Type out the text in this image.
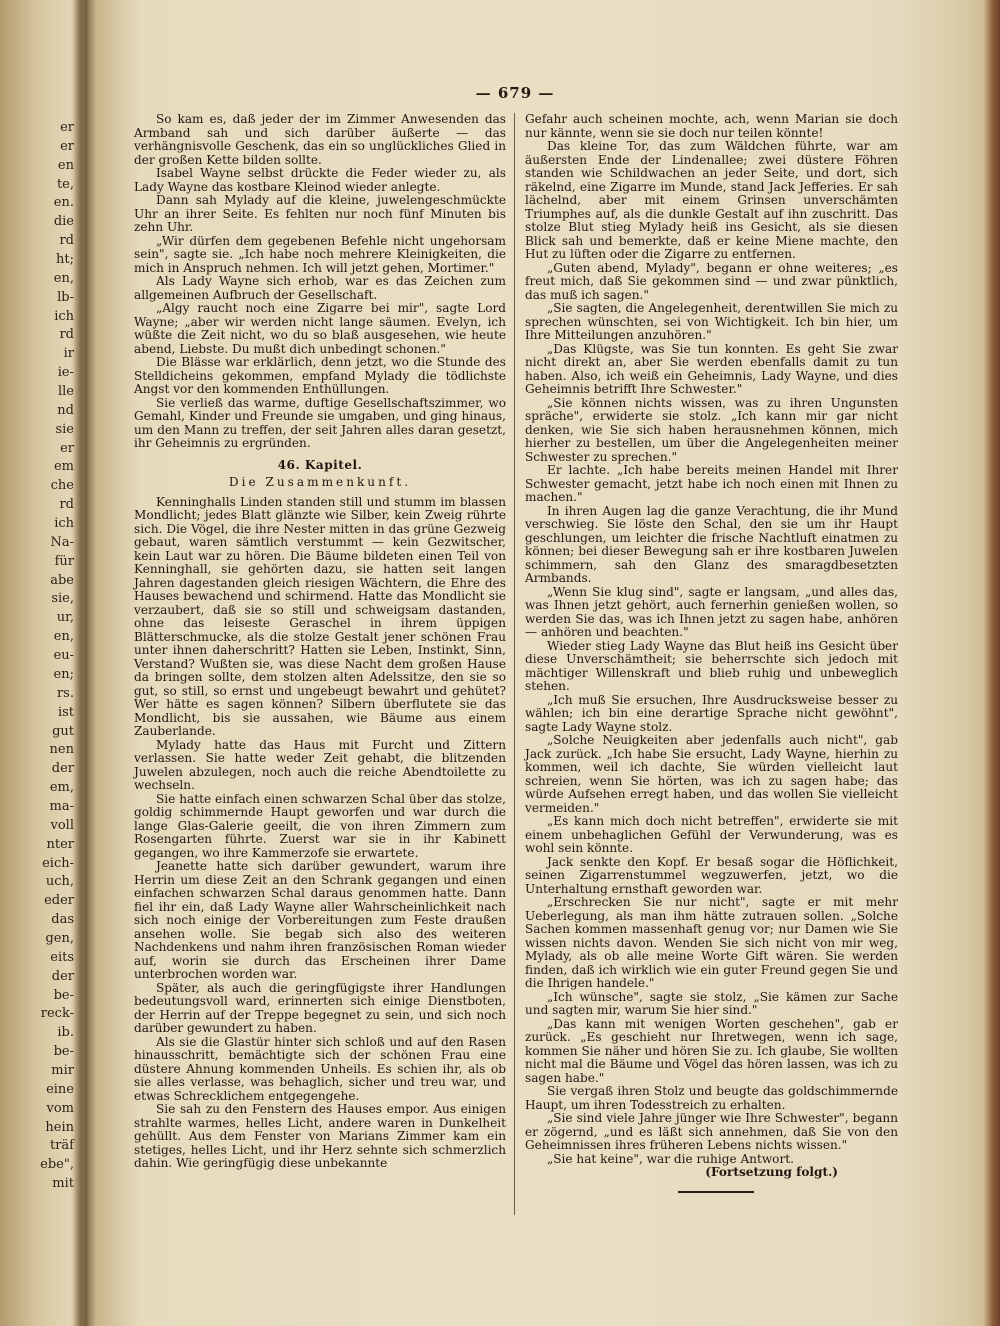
er
er
en
te,
en.
die
rd
ht;
en,
lb-
ich
rd
ir
ie-
lle
nd
sie
er
em
che
rd
ich
Na-
für
abe
sie,
ur,
en,
eu-
en;
rs.
ist
gut
nen
der
em,
ma-
voll
nter
eich-
uch,
eder
das
gen,
eits
der
be-
reck-
ib.
be-
mir
eine
vom
hein
träf
ebe",
mit
— 679 —

So kam es, daß jeder der im Zimmer Anwesenden das Armband sah und sich darüber äußerte — das verhängnisvolle Geschenk, das ein so unglückliches Glied in der großen Kette bilden sollte.

Isabel Wayne selbst drückte die Feder wieder zu, als Lady Wayne das kostbare Kleinod wieder anlegte.

Dann sah Mylady auf die kleine, juwelengeschmückte Uhr an ihrer Seite. Es fehlten nur noch fünf Minuten bis zehn Uhr.

„Wir dürfen dem gegebenen Befehle nicht ungehorsam sein", sagte sie. „Ich habe noch mehrere Kleinigkeiten, die mich in Anspruch nehmen. Ich will jetzt gehen, Mortimer."

Als Lady Wayne sich erhob, war es das Zeichen zum allgemeinen Aufbruch der Gesellschaft.

„Algy raucht noch eine Zigarre bei mir", sagte Lord Wayne; „aber wir werden nicht lange säumen. Evelyn, ich wüßte die Zeit nicht, wo du so blaß ausgesehen, wie heute abend, Liebste. Du mußt dich unbedingt schonen."

Die Blässe war erklärlich, denn jetzt, wo die Stunde des Stelldicheins gekommen, empfand Mylady die tödlichste Angst vor den kommenden Enthüllungen.

Sie verließ das warme, duftige Gesellschaftszimmer, wo Gemahl, Kinder und Freunde sie umgaben, und ging hinaus, um den Mann zu treffen, der seit Jahren alles daran gesetzt, ihr Geheimnis zu ergründen.

46. Kapitel.
Die Zusammenkunft.

Kenninghalls Linden standen still und stumm im blassen Mondlicht; jedes Blatt glänzte wie Silber, kein Zweig rührte sich. Die Vögel, die ihre Nester mitten in das grüne Gezweig gebaut, waren sämtlich verstummt — kein Gezwitscher, kein Laut war zu hören. Die Bäume bildeten einen Teil von Kenninghall, sie gehörten dazu, sie hatten seit langen Jahren dagestanden gleich riesigen Wächtern, die Ehre des Hauses bewachend und schirmend. Hatte das Mondlicht sie verzaubert, daß sie so still und schweigsam dastanden, ohne das leiseste Geraschel in ihrem üppigen Blätterschmucke, als die stolze Gestalt jener schönen Frau unter ihnen daherschritt? Hatten sie Leben, Instinkt, Sinn, Verstand? Wußten sie, was diese Nacht dem großen Hause da bringen sollte, dem stolzen alten Adelssitze, den sie so gut, so still, so ernst und ungebeugt bewahrt und gehütet? Wer hätte es sagen können? Silbern überflutete sie das Mondlicht, bis sie aussahen, wie Bäume aus einem Zauberlande.

Mylady hatte das Haus mit Furcht und Zittern verlassen. Sie hatte weder Zeit gehabt, die blitzenden Juwelen abzulegen, noch auch die reiche Abendtoilette zu wechseln.

Sie hatte einfach einen schwarzen Schal über das stolze, goldig schimmernde Haupt geworfen und war durch die lange Glas-Galerie geeilt, die von ihren Zimmern zum Rosengarten führte. Zuerst war sie in ihr Kabinett gegangen, wo ihre Kammerzofe sie erwartete.

Jeanette hatte sich darüber gewundert, warum ihre Herrin um diese Zeit an den Schrank gegangen und einen einfachen schwarzen Schal daraus genommen hatte. Dann fiel ihr ein, daß Lady Wayne aller Wahrscheinlichkeit nach sich noch einige der Vorbereitungen zum Feste draußen ansehen wolle. Sie begab sich also des weiteren Nachdenkens und nahm ihren französischen Roman wieder auf, worin sie durch das Erscheinen ihrer Dame unterbrochen worden war.

Später, als auch die geringfügigste ihrer Handlungen bedeutungsvoll ward, erinnerten sich einige Dienstboten, der Herrin auf der Treppe begegnet zu sein, und sich noch darüber gewundert zu haben.

Als sie die Glastür hinter sich schloß und auf den Rasen hinausschritt, bemächtigte sich der schönen Frau eine düstere Ahnung kommenden Unheils. Es schien ihr, als ob sie alles verlasse, was behaglich, sicher und treu war, und etwas Schrecklichem entgegengehe.

Sie sah zu den Fenstern des Hauses empor. Aus einigen strahlte warmes, helles Licht, andere waren in Dunkelheit gehüllt. Aus dem Fenster von Marians Zimmer kam ein stetiges, helles Licht, und ihr Herz sehnte sich schmerzlich dahin. Wie geringfügig diese unbekannte

Gefahr auch scheinen mochte, ach, wenn Marian sie doch nur kännte, wenn sie sie doch nur teilen könnte!

Das kleine Tor, das zum Wäldchen führte, war am äußersten Ende der Lindenallee; zwei düstere Föhren standen wie Schildwachen an jeder Seite, und dort, sich räkelnd, eine Zigarre im Munde, stand Jack Jefferies. Er sah lächelnd, aber mit einem Grinsen unverschämten Triumphes auf, als die dunkle Gestalt auf ihn zuschritt. Das stolze Blut stieg Mylady heiß ins Gesicht, als sie diesen Blick sah und bemerkte, daß er keine Miene machte, den Hut zu lüften oder die Zigarre zu entfernen.

„Guten abend, Mylady", begann er ohne weiteres; „es freut mich, daß Sie gekommen sind — und zwar pünktlich, das muß ich sagen."

„Sie sagten, die Angelegenheit, derentwillen Sie mich zu sprechen wünschten, sei von Wichtigkeit. Ich bin hier, um Ihre Mitteilungen anzuhören."

„Das Klügste, was Sie tun konnten. Es geht Sie zwar nicht direkt an, aber Sie werden ebenfalls damit zu tun haben. Also, ich weiß ein Geheimnis, Lady Wayne, und dies Geheimnis betrifft Ihre Schwester."

„Sie können nichts wissen, was zu ihren Ungunsten spräche", erwiderte sie stolz. „Ich kann mir gar nicht denken, wie Sie sich haben herausnehmen können, mich hierher zu bestellen, um über die Angelegenheiten meiner Schwester zu sprechen."

Er lachte. „Ich habe bereits meinen Handel mit Ihrer Schwester gemacht, jetzt habe ich noch einen mit Ihnen zu machen."

In ihren Augen lag die ganze Verachtung, die ihr Mund verschwieg. Sie löste den Schal, den sie um ihr Haupt geschlungen, um leichter die frische Nachtluft einatmen zu können; bei dieser Bewegung sah er ihre kostbaren Juwelen schimmern, sah den Glanz des smaragdbesetzten Armbands.

„Wenn Sie klug sind", sagte er langsam, „und alles das, was Ihnen jetzt gehört, auch fernerhin genießen wollen, so werden Sie das, was ich Ihnen jetzt zu sagen habe, anhören — anhören und beachten."

Wieder stieg Lady Wayne das Blut heiß ins Gesicht über diese Unverschämtheit; sie beherrschte sich jedoch mit mächtiger Willenskraft und blieb ruhig und unbeweglich stehen.

„Ich muß Sie ersuchen, Ihre Ausdrucksweise besser zu wählen; ich bin eine derartige Sprache nicht gewöhnt", sagte Lady Wayne stolz.

„Solche Neuigkeiten aber jedenfalls auch nicht", gab Jack zurück. „Ich habe Sie ersucht, Lady Wayne, hierhin zu kommen, weil ich dachte, Sie würden vielleicht laut schreien, wenn Sie hörten, was ich zu sagen habe; das würde Aufsehen erregt haben, und das wollen Sie vielleicht vermeiden."

„Es kann mich doch nicht betreffen", erwiderte sie mit einem unbehaglichen Gefühl der Verwunderung, was es wohl sein könnte.

Jack senkte den Kopf. Er besaß sogar die Höflichkeit, seinen Zigarrenstummel wegzuwerfen, jetzt, wo die Unterhaltung ernsthaft geworden war.

„Erschrecken Sie nur nicht", sagte er mit mehr Ueberlegung, als man ihm hätte zutrauen sollen. „Solche Sachen kommen massenhaft genug vor; nur Damen wie Sie wissen nichts davon. Wenden Sie sich nicht von mir weg, Mylady, als ob alle meine Worte Gift wären. Sie werden finden, daß ich wirklich wie ein guter Freund gegen Sie und die Ihrigen handele."

„Ich wünsche", sagte sie stolz, „Sie kämen zur Sache und sagten mir, warum Sie hier sind."

„Das kann mit wenigen Worten geschehen", gab er zurück. „Es geschieht nur Ihretwegen, wenn ich sage, kommen Sie näher und hören Sie zu. Ich glaube, Sie wollten nicht mal die Bäume und Vögel das hören lassen, was ich zu sagen habe."

Sie vergaß ihren Stolz und beugte das goldschimmernde Haupt, um ihren Todesstreich zu erhalten.

„Sie sind viele Jahre jünger wie Ihre Schwester", begann er zögernd, „und es läßt sich annehmen, daß Sie von den Geheimnissen ihres früheren Lebens nichts wissen."

„Sie hat keine", war die ruhige Antwort.

(Fortsetzung folgt.)
